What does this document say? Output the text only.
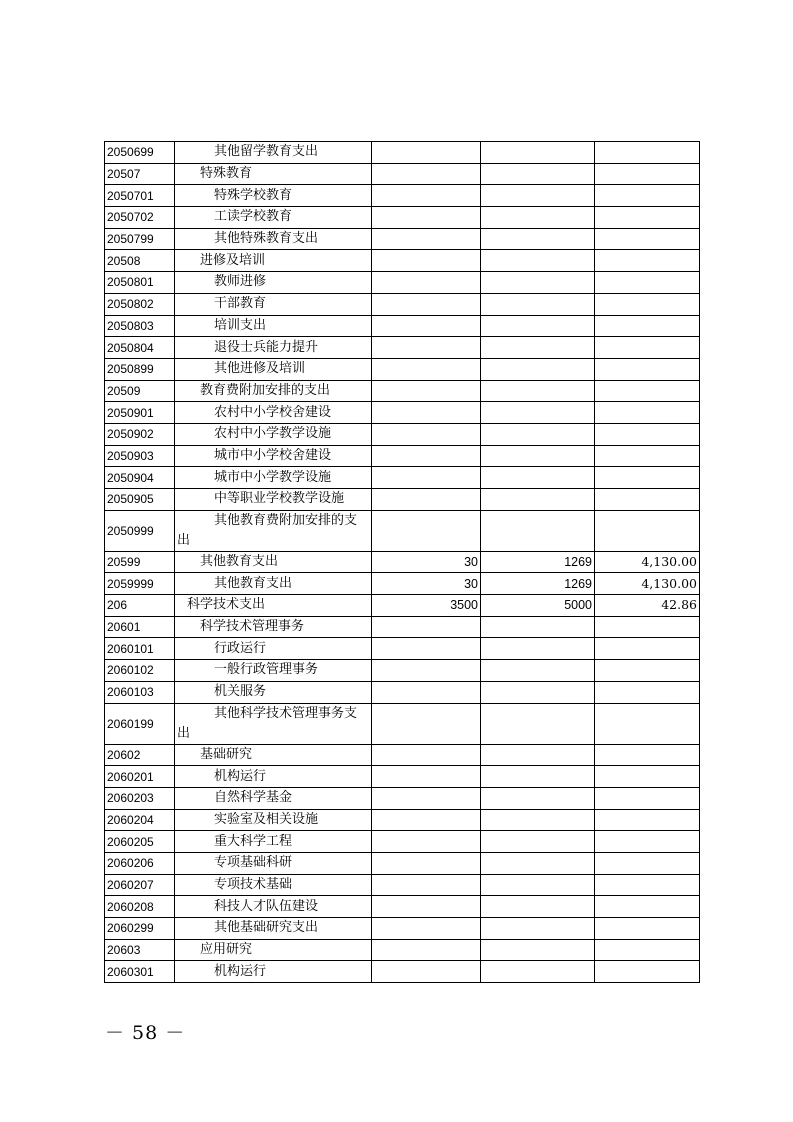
2050699	其他留学教育支出			
20507	特殊教育			
2050701	特殊学校教育			
2050702	工读学校教育			
2050799	其他特殊教育支出			
20508	进修及培训			
2050801	教师进修			
2050802	干部教育			
2050803	培训支出			
2050804	退役士兵能力提升			
2050899	其他进修及培训			
20509	教育费附加安排的支出			
2050901	农村中小学校舍建设			
2050902	农村中小学教学设施			
2050903	城市中小学校舍建设			
2050904	城市中小学教学设施			
2050905	中等职业学校教学设施			
2050999	其他教育费附加安排的支
出			

20599	其他教育支出	30	1269	4,130.00
2059999	其他教育支出	30	1269	4,130.00
206	科学技术支出	3500	5000	42.86
20601	科学技术管理事务			
2060101	行政运行			
2060102	一般行政管理事务			
2060103	机关服务			
2060199	其他科学技术管理事务支
出			

20602	基础研究			
2060201	机构运行			
2060203	自然科学基金			
2060204	实验室及相关设施			
2060205	重大科学工程			
2060206	专项基础科研			
2060207	专项技术基础			
2060208	科技人才队伍建设			
2060299	其他基础研究支出			
20603	应用研究			
2060301	机构运行			
－ 58 －
